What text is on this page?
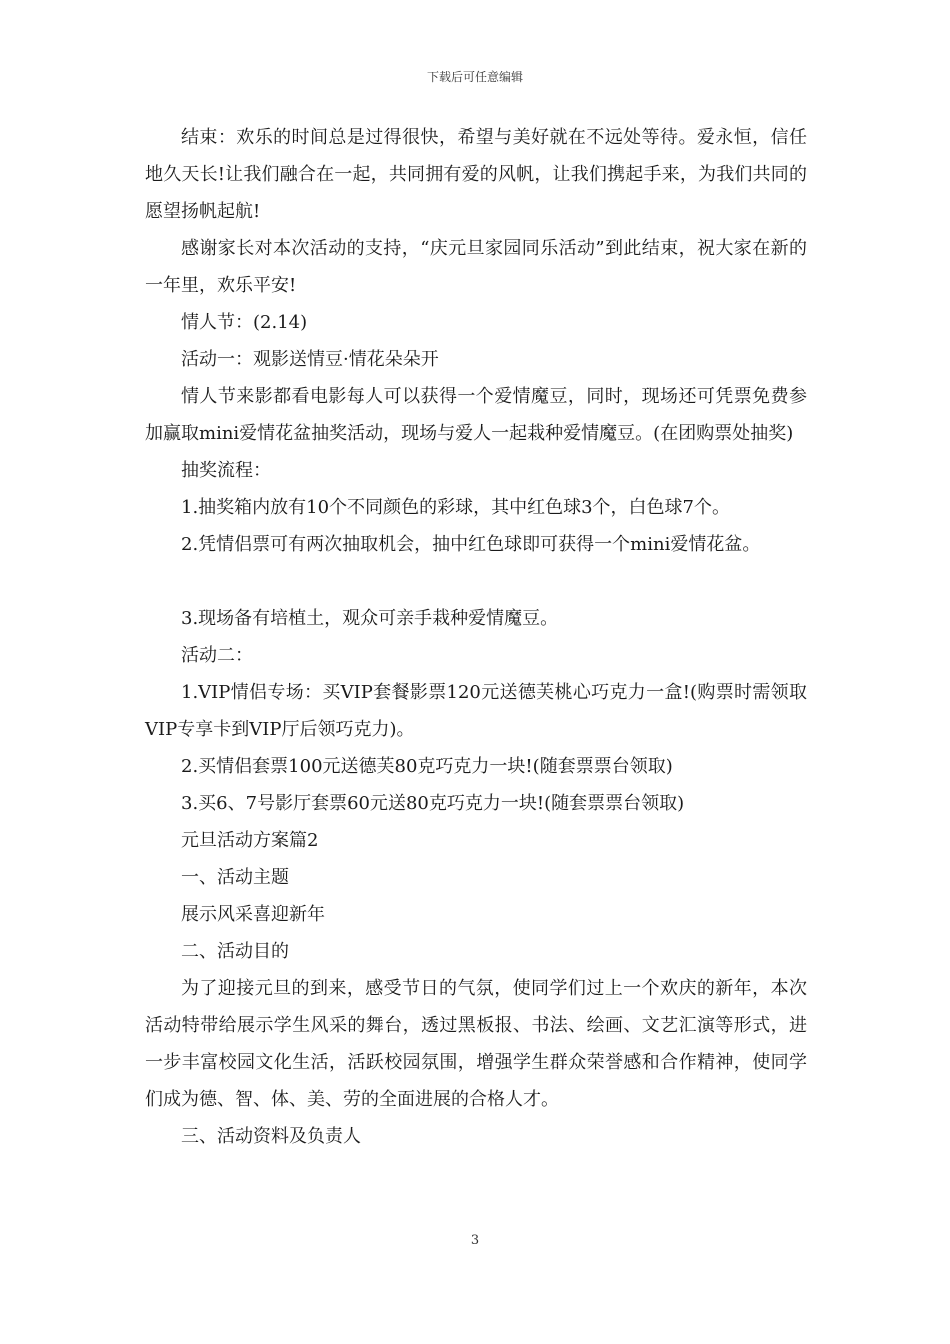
下载后可任意编辑

结束：欢乐的时间总是过得很快，希望与美好就在不远处等待。爱永恒，信任地久天长!让我们融合在一起，共同拥有爱的风帆，让我们携起手来，为我们共同的愿望扬帆起航!

感谢家长对本次活动的支持，“庆元旦家园同乐活动”到此结束，祝大家在新的一年里，欢乐平安!

情人节：(2.14)

活动一：观影送情豆·情花朵朵开

情人节来影都看电影每人可以获得一个爱情魔豆，同时，现场还可凭票免费参加赢取mini爱情花盆抽奖活动，现场与爱人一起栽种爱情魔豆。(在团购票处抽奖)

抽奖流程：

1.抽奖箱内放有10个不同颜色的彩球，其中红色球3个，白色球7个。

2.凭情侣票可有两次抽取机会，抽中红色球即可获得一个mini爱情花盆。

3.现场备有培植土，观众可亲手栽种爱情魔豆。

活动二：

1.VIP情侣专场：买VIP套餐影票120元送德芙桃心巧克力一盒!(购票时需领取VIP专享卡到VIP厅后领巧克力)。

2.买情侣套票100元送德芙80克巧克力一块!(随套票票台领取)

3.买6、7号影厅套票60元送80克巧克力一块!(随套票票台领取)

元旦活动方案篇2

一、活动主题

展示风采喜迎新年

二、活动目的

为了迎接元旦的到来，感受节日的气氛，使同学们过上一个欢庆的新年，本次活动特带给展示学生风采的舞台，透过黑板报、书法、绘画、文艺汇演等形式，进一步丰富校园文化生活，活跃校园氛围，增强学生群众荣誉感和合作精神，使同学们成为德、智、体、美、劳的全面进展的合格人才。

三、活动资料及负责人

3
